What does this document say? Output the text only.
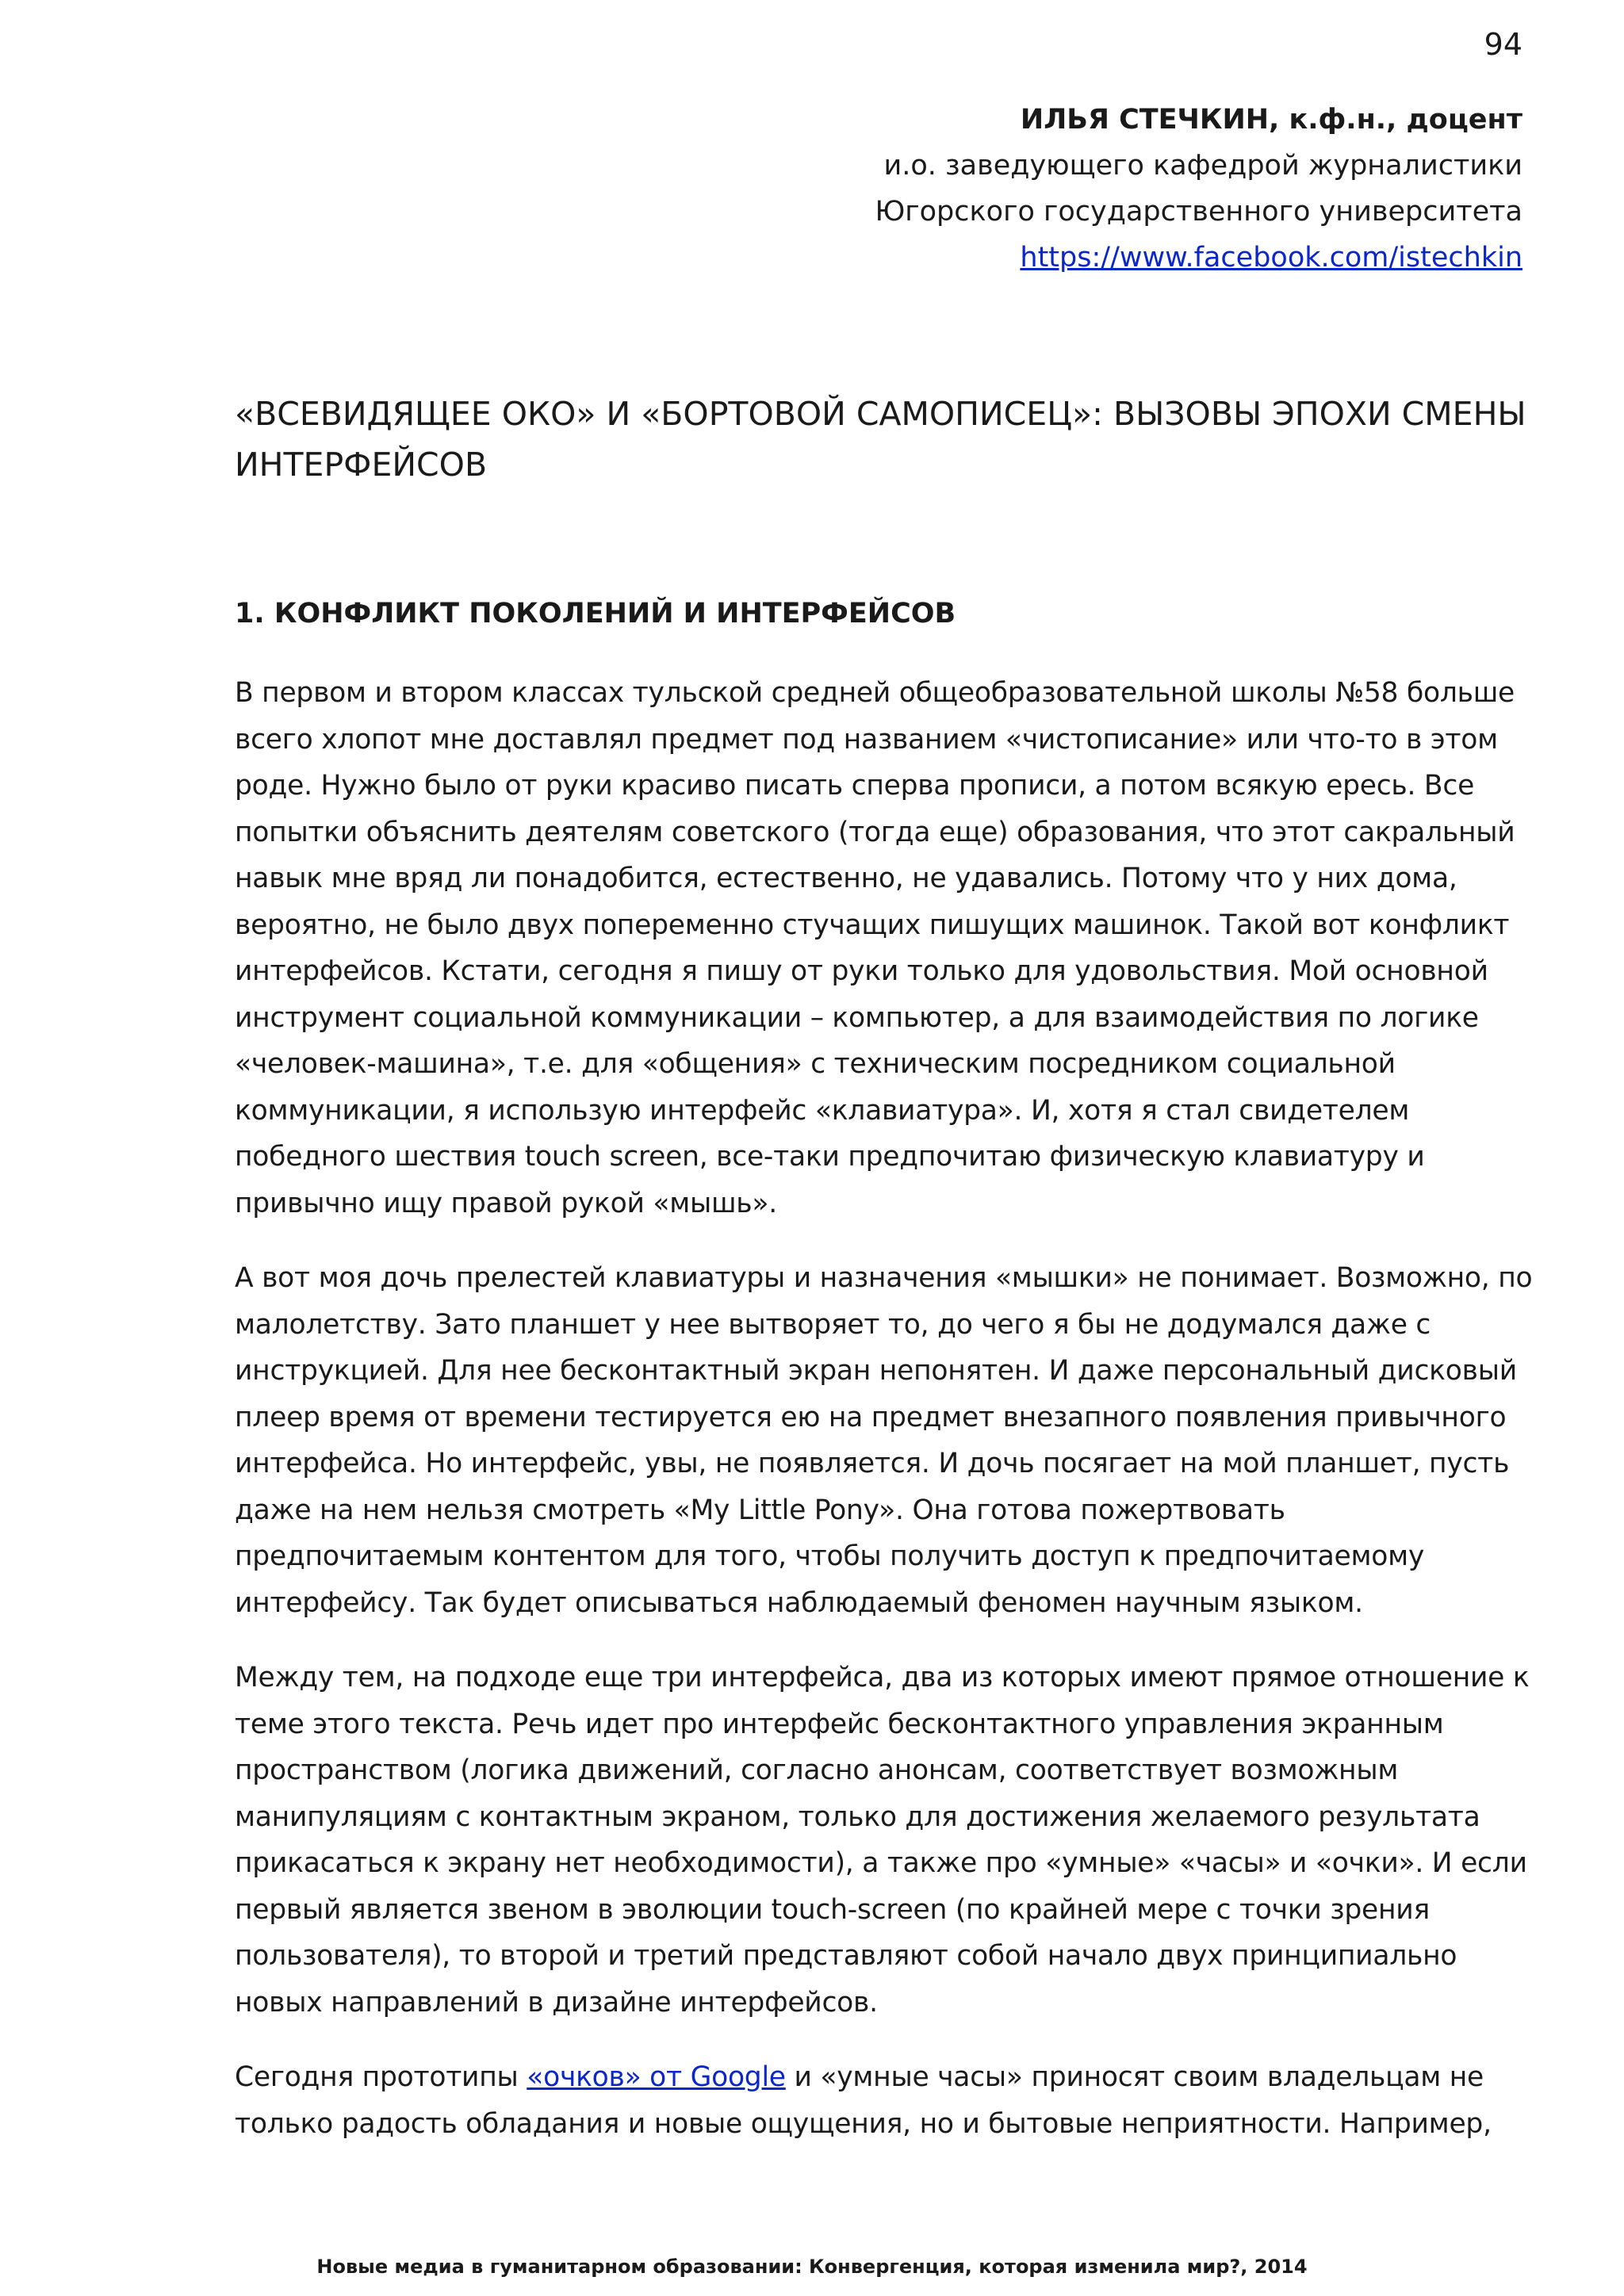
94
ИЛЬЯ СТЕЧКИН, к.ф.н., доцент
и.о. заведующего кафедрой журналистики
Югорского государственного университета
https://www.facebook.com/istechkin
«ВСЕВИДЯЩЕЕ ОКО» И «БОРТОВОЙ САМОПИСЕЦ»: ВЫЗОВЫ ЭПОХИ СМЕНЫ
ИНТЕРФЕЙСОВ
1. КОНФЛИКТ ПОКОЛЕНИЙ И ИНТЕРФЕЙСОВ

В первом и втором классах тульской средней общеобразовательной школы №58 больше всего хлопот мне доставлял предмет под названием «чистописание» или что-то в этом роде. Нужно было от руки красиво писать сперва прописи, а потом всякую ересь. Все попытки объяснить деятелям советского (тогда еще) образования, что этот сакральный навык мне вряд ли понадобится, естественно, не удавались. Потому что у них дома, вероятно, не было двух попеременно стучащих пишущих машинок. Такой вот конфликт интерфейсов. Кстати, сегодня я пишу от руки только для удовольствия. Мой основной инструмент социальной коммуникации – компьютер, а для взаимодействия по логике «человек-машина», т.е. для «общения» с техническим посредником социальной коммуникации, я использую интерфейс «клавиатура». И, хотя я стал свидетелем победного шествия touch screen, все-таки предпочитаю физическую клавиатуру и привычно ищу правой рукой «мышь».

А вот моя дочь прелестей клавиатуры и назначения «мышки» не понимает. Возможно, по малолетству. Зато планшет у нее вытворяет то, до чего я бы не додумался даже с инструкцией. Для нее бесконтактный экран непонятен. И даже персональный дисковый плеер время от времени тестируется ею на предмет внезапного появления привычного интерфейса. Но интерфейс, увы, не появляется. И дочь посягает на мой планшет, пусть даже на нем нельзя смотреть «My Little Pony». Она готова пожертвовать предпочитаемым контентом для того, чтобы получить доступ к предпочитаемому интерфейсу. Так будет описываться наблюдаемый феномен научным языком.

Между тем, на подходе еще три интерфейса, два из которых имеют прямое отношение к теме этого текста. Речь идет про интерфейс бесконтактного управления экранным пространством (логика движений, согласно анонсам, соответствует возможным манипуляциям с контактным экраном, только для достижения желаемого результата прикасаться к экрану нет необходимости), а также про «умные» «часы» и «очки». И если первый является звеном в эволюции touch-screen (по крайней мере с точки зрения пользователя), то второй и третий представляют собой начало двух принципиально новых направлений в дизайне интерфейсов.

Сегодня прототипы «очков» от Google и «умные часы» приносят своим владельцам не только радость обладания и новые ощущения, но и бытовые неприятности. Например,

Новые медиа в гуманитарном образовании: Конвергенция, которая изменила мир?, 2014
